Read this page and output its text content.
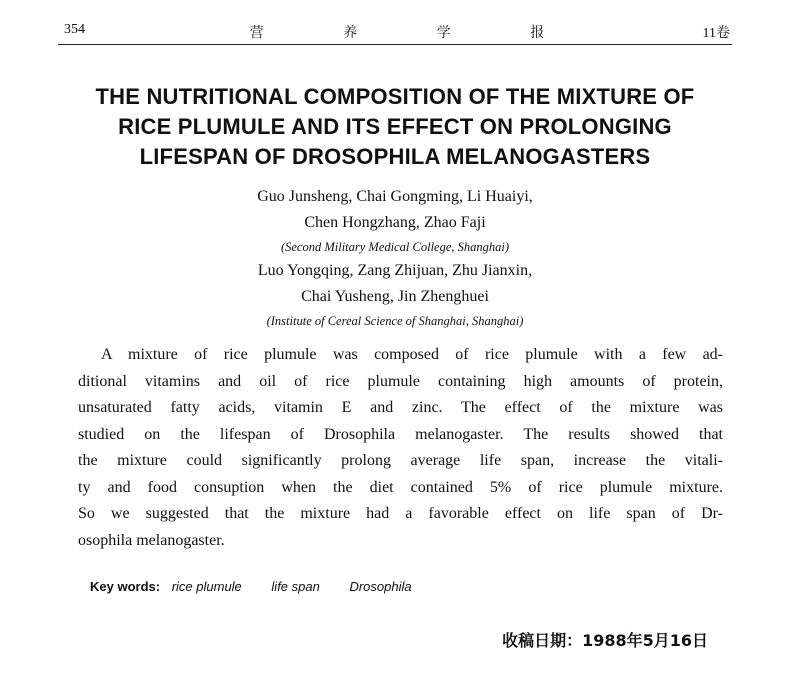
354	营 养 学 报	11卷
THE NUTRITIONAL COMPOSITION OF THE MIXTURE OF
RICE PLUMULE AND ITS EFFECT ON PROLONGING
LIFESPAN OF DROSOPHILA MELANOGASTERS
Guo Junsheng, Chai Gongming, Li Huaiyi,
Chen Hongzhang, Zhao Faji
(Second Military Medical College, Shanghai)
Luo Yongqing, Zang Zhijuan, Zhu Jianxin,
Chai Yusheng, Jin Zhenghuei
(Institute of Cereal Science of Shanghai, Shanghai)
A mixture of rice plumule was composed of rice plumule with a few ad-
ditional vitamins and oil of rice plumule containing high amounts of protein,
unsaturated fatty acids, vitamin E and zinc. The effect of the mixture was
studied on the lifespan of Drosophila melanogaster. The results showed that
the mixture could significantly prolong average life span, increase the vitali-
ty and food consuption when the diet contained 5% of rice plumule mixture.
So we suggested that the mixture had a favorable effect on life span of Dr-
osophila melanogaster.
Key words: rice plumule life span Drosophila
收稿日期：1988年5月16日
